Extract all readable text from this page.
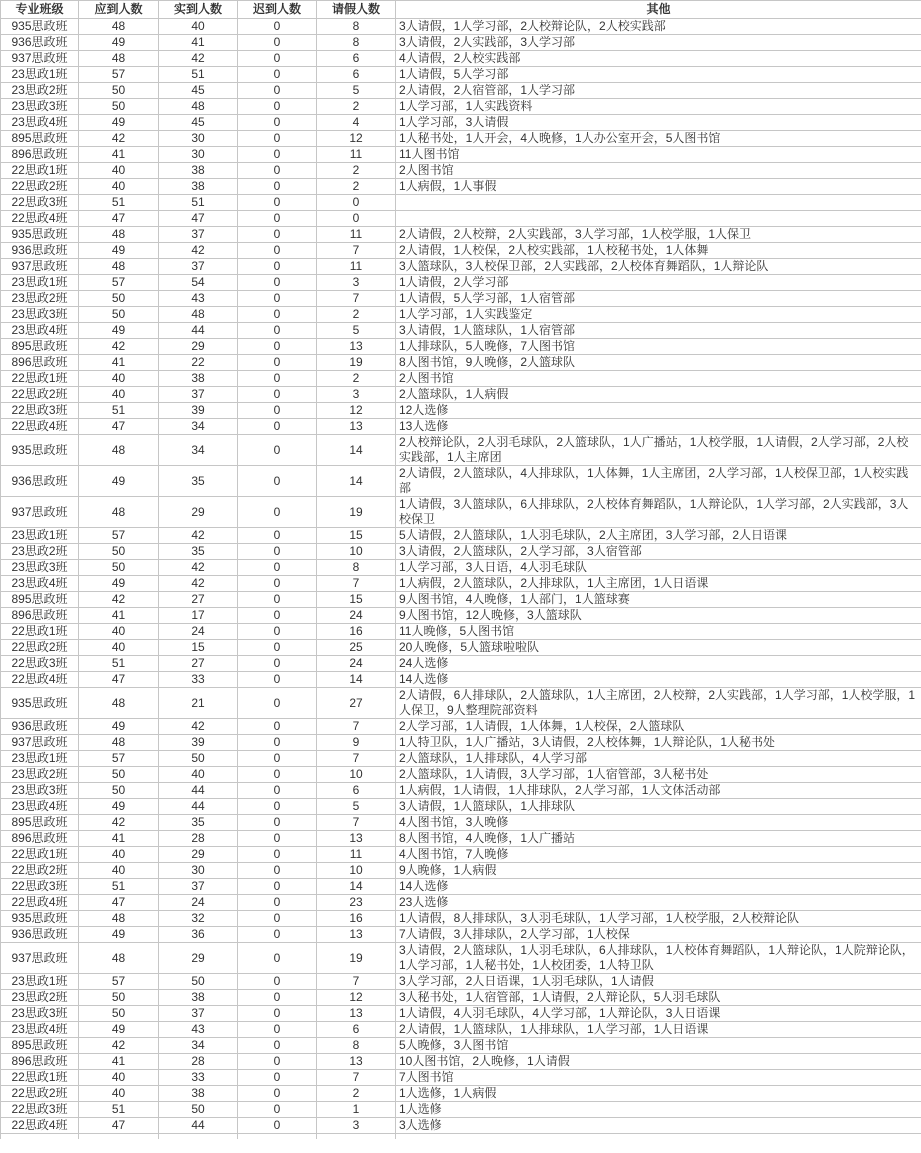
专业班级	应到人数	实到人数	迟到人数	请假人数	其他
935思政班	48	40	0	8	3人请假，1人学习部，2人校辩论队，2人校实践部
936思政班	49	41	0	8	3人请假，2人实践部，3人学习部
937思政班	48	42	0	6	4人请假，2人校实践部
23思政1班	57	51	0	6	1人请假，5人学习部
23思政2班	50	45	0	5	2人请假，2人宿管部，1人学习部
23思政3班	50	48	0	2	1人学习部，1人实践资料
23思政4班	49	45	0	4	1人学习部，3人请假
895思政班	42	30	0	12	1人秘书处，1人开会，4人晚修，1人办公室开会，5人图书馆
896思政班	41	30	0	11	11人图书馆
22思政1班	40	38	0	2	2人图书馆
22思政2班	40	38	0	2	1人病假，1人事假
22思政3班	51	51	0	0	
22思政4班	47	47	0	0	
935思政班	48	37	0	11	2人请假，2人校辩，2人实践部，3人学习部，1人校学服，1人保卫
936思政班	49	42	0	7	2人请假，1人校保，2人校实践部，1人校秘书处，1人体舞
937思政班	48	37	0	11	3人篮球队，3人校保卫部，2人实践部，2人校体育舞蹈队，1人辩论队
23思政1班	57	54	0	3	1人请假，2人学习部
23思政2班	50	43	0	7	1人请假，5人学习部，1人宿管部
23思政3班	50	48	0	2	1人学习部，1人实践鉴定
23思政4班	49	44	0	5	3人请假，1人篮球队，1人宿管部
895思政班	42	29	0	13	1人排球队，5人晚修，7人图书馆
896思政班	41	22	0	19	8人图书馆，9人晚修，2人篮球队
22思政1班	40	38	0	2	2人图书馆
22思政2班	40	37	0	3	2人篮球队，1人病假
22思政3班	51	39	0	12	12人选修
22思政4班	47	34	0	13	13人选修
935思政班	48	34	0	14	2人校辩论队，2人羽毛球队，2人篮球队，1人广播站，1人校学服，1人请假，2人学习部，2人校实践部，1人主席团
936思政班	49	35	0	14	2人请假，2人篮球队，4人排球队，1人体舞，1人主席团，2人学习部，1人校保卫部，1人校实践部
937思政班	48	29	0	19	1人请假，3人篮球队，6人排球队，2人校体育舞蹈队，1人辩论队，1人学习部，2人实践部，3人校保卫
23思政1班	57	42	0	15	5人请假，2人篮球队，1人羽毛球队，2人主席团，3人学习部，2人日语课
23思政2班	50	35	0	10	3人请假，2人篮球队，2人学习部，3人宿管部
23思政3班	50	42	0	8	1人学习部，3人日语，4人羽毛球队
23思政4班	49	42	0	7	1人病假，2人篮球队，2人排球队，1人主席团，1人日语课
895思政班	42	27	0	15	9人图书馆，4人晚修，1人部门，1人篮球赛
896思政班	41	17	0	24	9人图书馆，12人晚修，3人篮球队
22思政1班	40	24	0	16	11人晚修，5人图书馆
22思政2班	40	15	0	25	20人晚修，5人篮球啦啦队
22思政3班	51	27	0	24	24人选修
22思政4班	47	33	0	14	14人选修
935思政班	48	21	0	27	2人请假，6人排球队，2人篮球队，1人主席团，2人校辩，2人实践部，1人学习部，1人校学服，1人保卫，9人整理院部资料
936思政班	49	42	0	7	2人学习部，1人请假，1人体舞，1人校保，2人篮球队
937思政班	48	39	0	9	1人特卫队，1人广播站，3人请假，2人校体舞，1人辩论队，1人秘书处
23思政1班	57	50	0	7	2人篮球队，1人排球队，4人学习部
23思政2班	50	40	0	10	2人篮球队，1人请假，3人学习部，1人宿管部，3人秘书处
23思政3班	50	44	0	6	1人病假，1人请假，1人排球队，2人学习部，1人文体活动部
23思政4班	49	44	0	5	3人请假，1人篮球队，1人排球队
895思政班	42	35	0	7	4人图书馆，3人晚修
896思政班	41	28	0	13	8人图书馆，4人晚修，1人广播站
22思政1班	40	29	0	11	4人图书馆，7人晚修
22思政2班	40	30	0	10	9人晚修，1人病假
22思政3班	51	37	0	14	14人选修
22思政4班	47	24	0	23	23人选修
935思政班	48	32	0	16	1人请假，8人排球队，3人羽毛球队，1人学习部，1人校学服，2人校辩论队
936思政班	49	36	0	13	7人请假，3人排球队，2人学习部，1人校保
937思政班	48	29	0	19	3人请假，2人篮球队，1人羽毛球队，6人排球队，1人校体育舞蹈队，1人辩论队，1人院辩论队，1人学习部，1人秘书处，1人校团委，1人特卫队
23思政1班	57	50	0	7	3人学习部，2人日语课，1人羽毛球队，1人请假
23思政2班	50	38	0	12	3人秘书处，1人宿管部，1人请假，2人辩论队，5人羽毛球队
23思政3班	50	37	0	13	1人请假，4人羽毛球队，4人学习部，1人辩论队，3人日语课
23思政4班	49	43	0	6	2人请假，1人篮球队，1人排球队，1人学习部，1人日语课
895思政班	42	34	0	8	5人晚修，3人图书馆
896思政班	41	28	0	13	10人图书馆，2人晚修，1人请假
22思政1班	40	33	0	7	7人图书馆
22思政2班	40	38	0	2	1人选修，1人病假
22思政3班	51	50	0	1	1人选修
22思政4班	47	44	0	3	3人选修
